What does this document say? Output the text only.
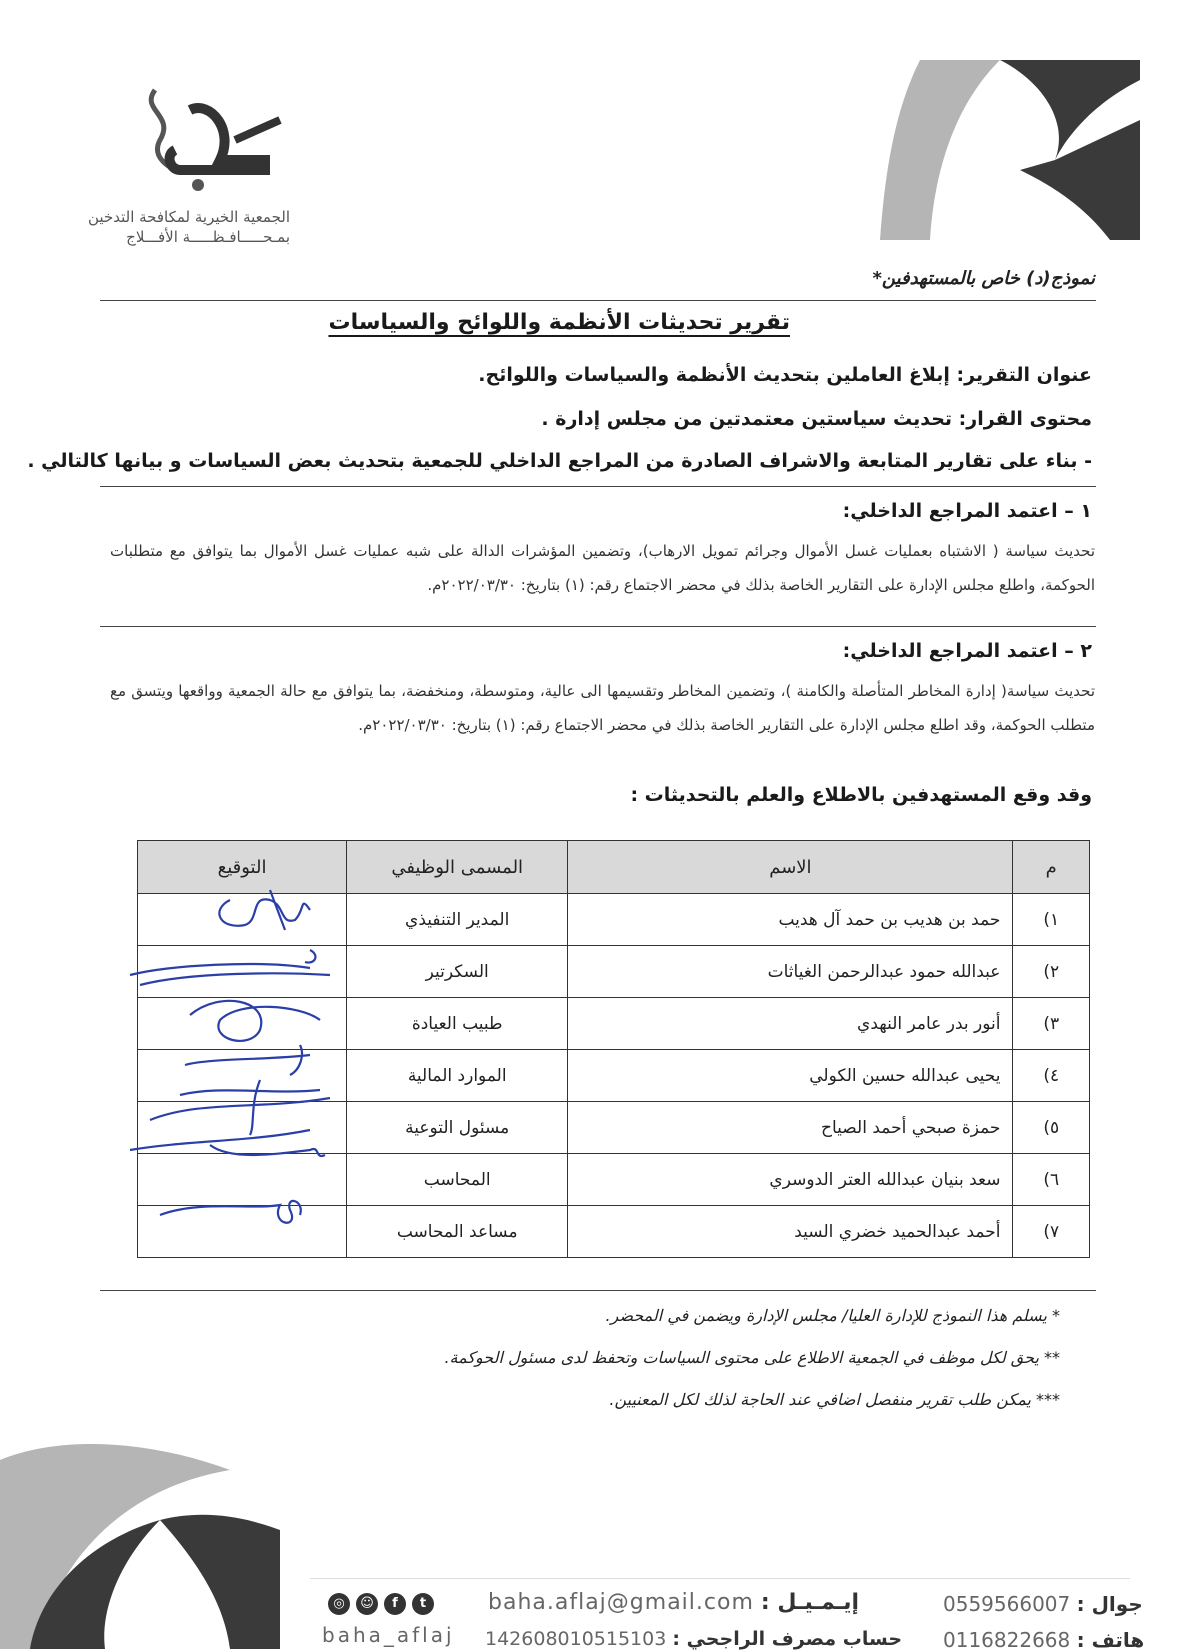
الجمعية الخيرية لمكافحة التدخين
بمـحـــــافـظـــــة الأفـــلاج
نموذج(د) خاص بالمستهدفين*
تقرير تحديثات الأنظمة واللوائح والسياسات
عنوان التقرير: إبلاغ العاملين بتحديث الأنظمة والسياسات واللوائح.
محتوى القرار: تحديث سياستين معتمدتين من مجلس إدارة .
- بناء على تقارير المتابعة والاشراف الصادرة من المراجع الداخلي للجمعية بتحديث بعض السياسات و بيانها كالتالي .
١ – اعتمد المراجع الداخلي:
تحديث سياسة ( الاشتباه بعمليات غسل الأموال وجرائم تمويل الارهاب)، وتضمين المؤشرات الدالة على شبه عمليات غسل الأموال بما يتوافق مع متطلبات الحوكمة، واطلع مجلس الإدارة على التقارير الخاصة بذلك في محضر الاجتماع رقم: (١) بتاريخ: ٢٠٢٢/٠٣/٣٠م.
٢ – اعتمد المراجع الداخلي:
تحديث سياسة( إدارة المخاطر المتأصلة والكامنة )، وتضمين المخاطر وتقسيمها الى عالية، ومتوسطة، ومنخفضة، بما يتوافق مع حالة الجمعية وواقعها ويتسق مع متطلب الحوكمة، وقد اطلع مجلس الإدارة على التقارير الخاصة بذلك في محضر الاجتماع رقم: (١) بتاريخ: ٢٠٢٢/٠٣/٣٠م.
وقد وقع المستهدفين بالاطلاع والعلم بالتحديثات :
م	الاسم	المسمى الوظيفي	التوقيع
١)	حمد بن هديب بن حمد آل هديب	المدير التنفيذي	
٢)	عبدالله حمود عبدالرحمن الغياثات	السكرتير	
٣)	أنور بدر عامر النهدي	طبيب العيادة	
٤)	يحيى عبدالله حسين الكولي	الموارد المالية	
٥)	حمزة صبحي أحمد الصياح	مسئول التوعية	
٦)	سعد بنيان عبدالله العتر الدوسري	المحاسب	
٧)	أحمد عبدالحميد خضري السيد	مساعد المحاسب	
* يسلم هذا النموذج للإدارة العليا/ مجلس الإدارة ويضمن في المحضر.
** يحق لكل موظف في الجمعية الاطلاع على محتوى السياسات وتحفظ لدى مسئول الحوكمة.
*** يمكن طلب تقرير منفصل اضافي عند الحاجة لذلك لكل المعنيين.
◎ ☺ f t
baha_aflaj
إيـمـيـل : baha.aflaj@gmail.com
حساب مصرف الراجحي : 142608010515103
جوال : 0559566007
هاتف : 0116822668
